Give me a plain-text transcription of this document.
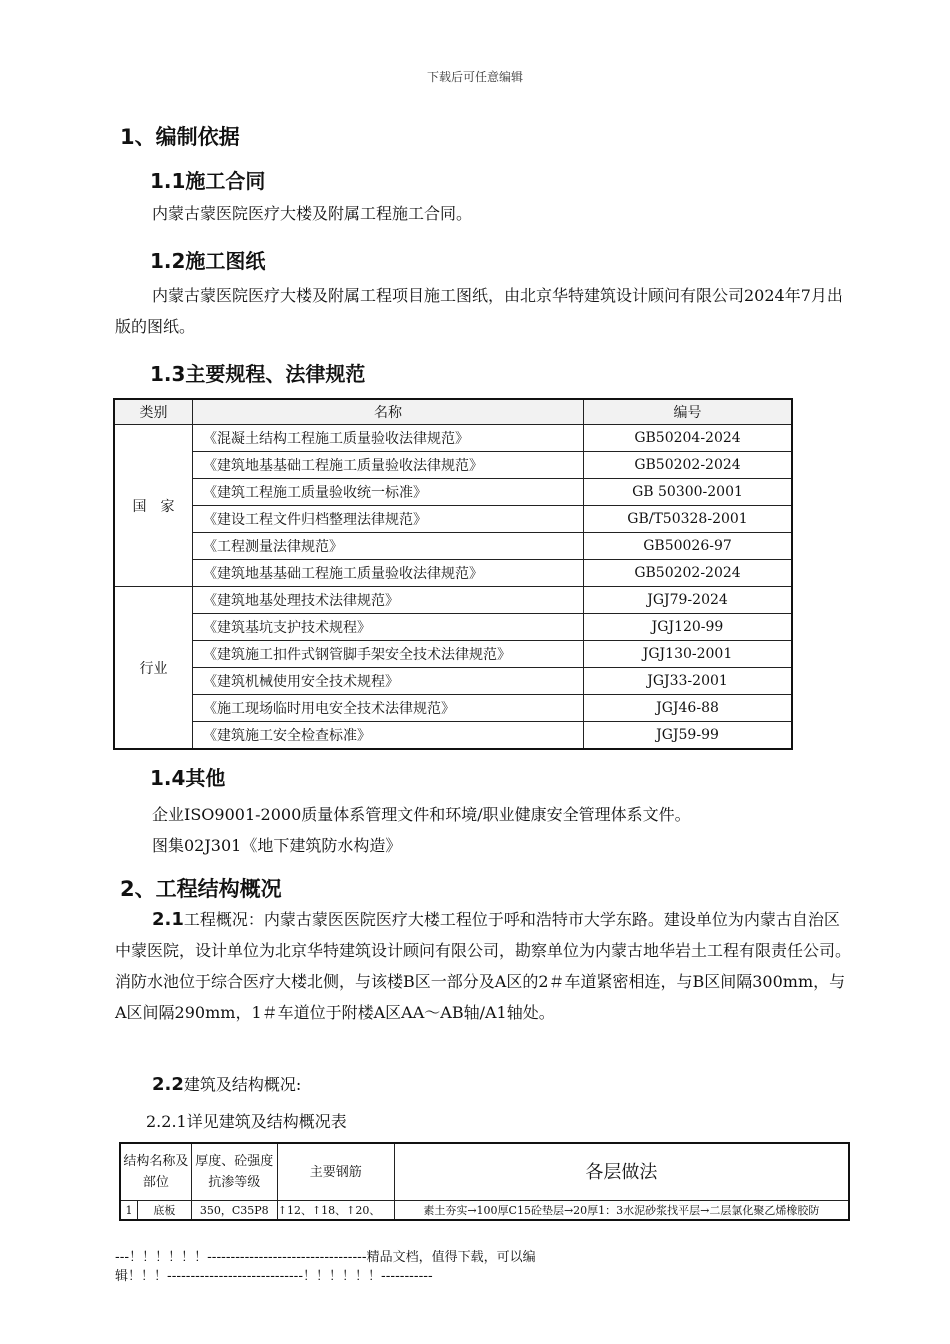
下载后可任意编辑
1、编制依据
1.1施工合同
内蒙古蒙医院医疗大楼及附属工程施工合同。
1.2施工图纸
内蒙古蒙医院医疗大楼及附属工程项目施工图纸，由北京华特建筑设计顾问有限公司2024年7月出版的图纸。
1.3主要规程、法律规范
类别	名称	编号
国　家	《混凝土结构工程施工质量验收法律规范》	GB50204-2024
	《建筑地基基础工程施工质量验收法律规范》	GB50202-2024
	《建筑工程施工质量验收统一标准》	GB 50300-2001
	《建设工程文件归档整理法律规范》	GB/T50328-2001
	《工程测量法律规范》	GB50026-97
	《建筑地基基础工程施工质量验收法律规范》	GB50202-2024
行业	《建筑地基处理技术法律规范》	JGJ79-2024
	《建筑基坑支护技术规程》	JGJ120-99
	《建筑施工扣件式钢管脚手架安全技术法律规范》	JGJ130-2001
	《建筑机械使用安全技术规程》	JGJ33-2001
	《施工现场临时用电安全技术法律规范》	JGJ46-88
	《建筑施工安全检查标准》	JGJ59-99
1.4其他
企业ISO9001-2000质量体系管理文件和环境/职业健康安全管理体系文件。
图集02J301《地下建筑防水构造》
2、工程结构概况
2.1工程概况：内蒙古蒙医医院医疗大楼工程位于呼和浩特市大学东路。建设单位为内蒙古自治区中蒙医院，设计单位为北京华特建筑设计顾问有限公司，勘察单位为内蒙古地华岩土工程有限责任公司。消防水池位于综合医疗大楼北侧，与该楼B区一部分及A区的2＃车道紧密相连，与B区间隔300mm，与A区间隔290mm，1＃车道位于附楼A区AA～AB轴/A1轴处。
2.2建筑及结构概况:
2.2.1详见建筑及结构概况表
结构名称及部位		厚度、砼强度抗渗等级	主要钢筋	各层做法
1	底板	350，C35P8	↑12、↑18、↑20、	素土夯实→100厚C15砼垫层→20厚1：3水泥砂浆找平层→二层氯化聚乙烯橡胶防
---！！！！！！----------------------------------精品文档，值得下载，可以编
辑！！！-----------------------------！！！！！！-----------
